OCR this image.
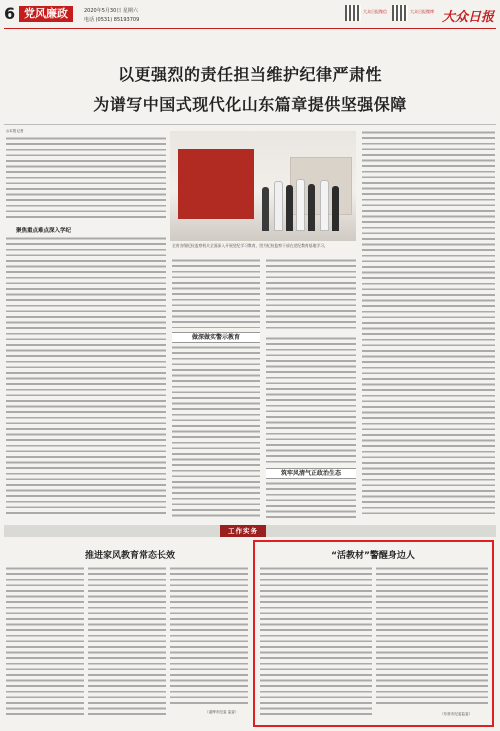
6 党风廉政	2020年5月30日 星期六
电话 (0531) 85193709
大众日报微信	大众日报微博 大众日报
以更强烈的责任担当维护纪律严肃性
为谱写中国式现代化山东篇章提供坚强保障
◎本报记者
聚焦重点难点深入学纪
全省各级纪检监察机关全面深入开展党纪学习教育，图为纪检监察干部在党纪教育基地学习。
做深做实警示教育
筑牢风清气正政治生态
工作实务
推进家风教育常态长效
（淄博市纪委 监委）
“活教材”警醒身边人
（东营市纪委监委）
